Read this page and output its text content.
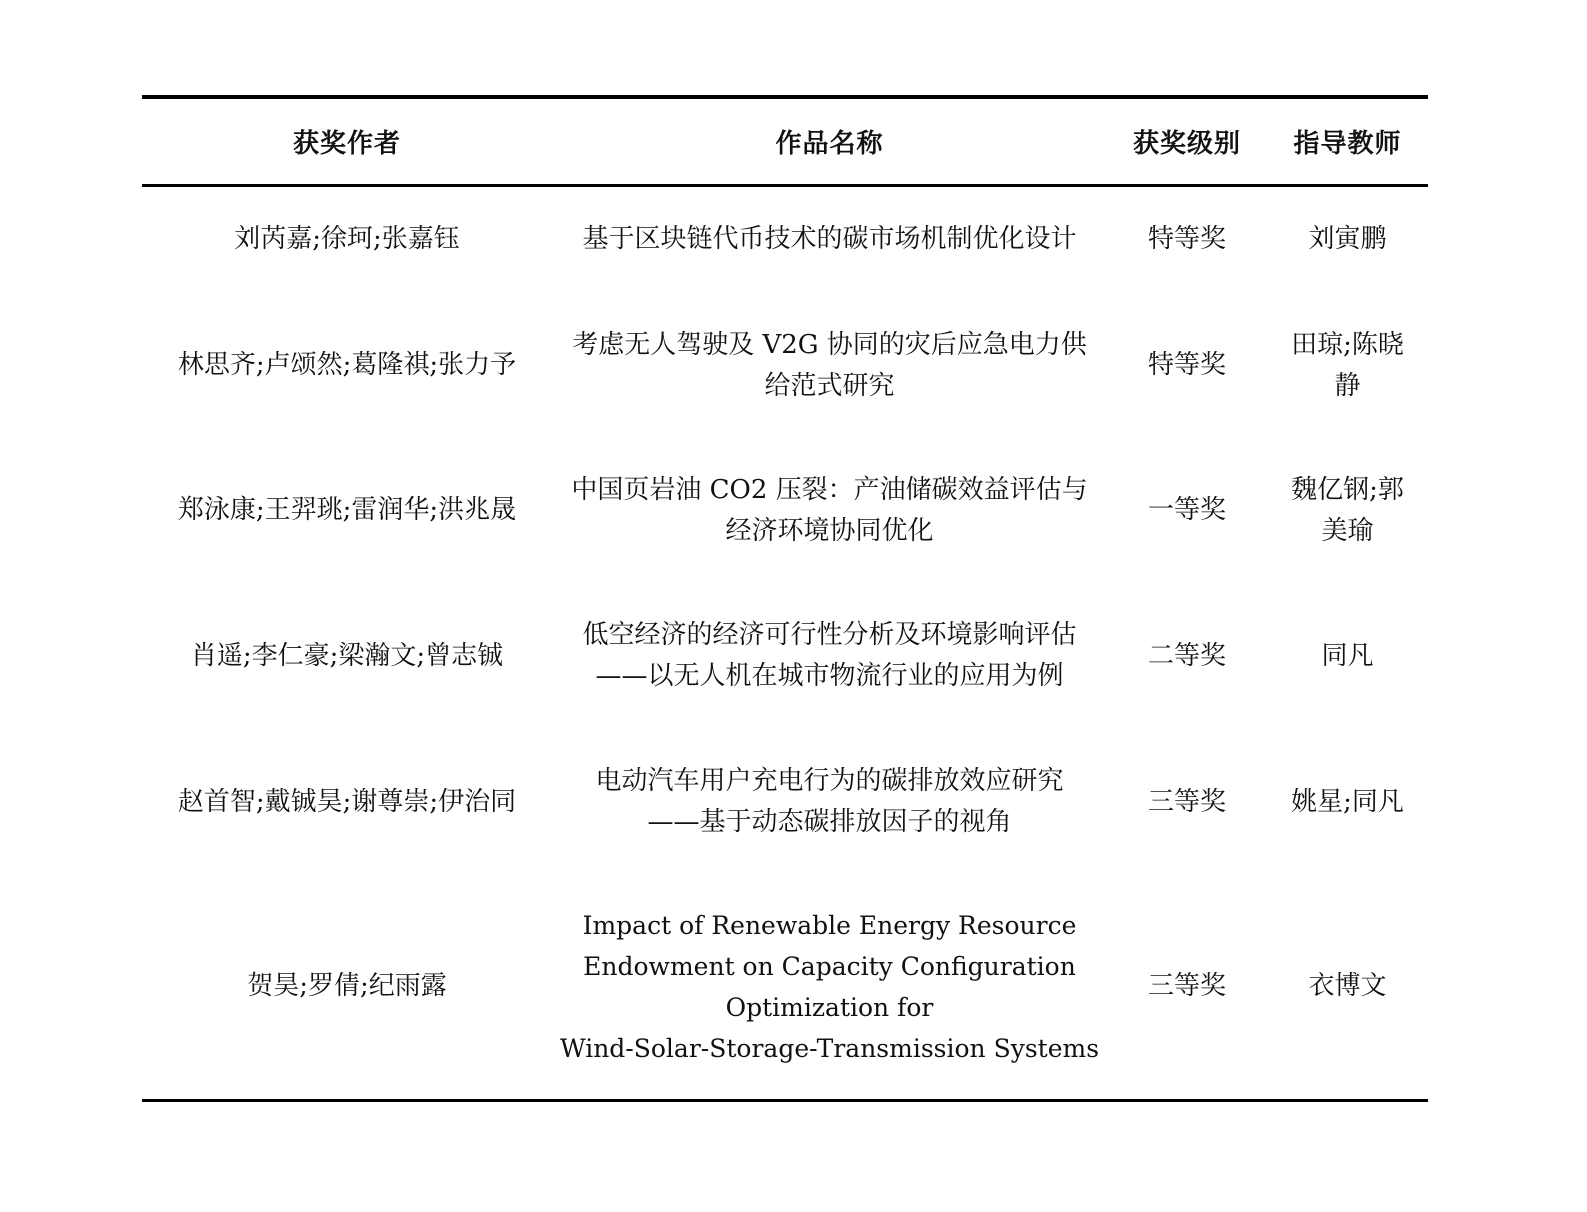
获奖作者	作品名称	获奖级别	指导教师
刘芮嘉;徐珂;张嘉钰	基于区块链代币技术的碳市场机制优化设计	特等奖	刘寅鹏
林思齐;卢颂然;葛隆祺;张力予	考虑无人驾驶及 V2G 协同的灾后应急电力供
给范式研究	特等奖	田琼;陈晓静
郑泳康;王羿珧;雷润华;洪兆晟	中国页岩油 CO2 压裂：产油储碳效益评估与
经济环境协同优化	一等奖	魏亿钢;郭美瑜
肖遥;李仁豪;梁瀚文;曾志铖	低空经济的经济可行性分析及环境影响评估
——以无人机在城市物流行业的应用为例	二等奖	同凡
赵首智;戴铖昊;谢尊崇;伊治同	电动汽车用户充电行为的碳排放效应研究
——基于动态碳排放因子的视角	三等奖	姚星;同凡
贺昊;罗倩;纪雨露	Impact of Renewable Energy Resource
Endowment on Capacity Configuration
Optimization for
Wind-Solar-Storage-Transmission Systems	三等奖	衣博文
